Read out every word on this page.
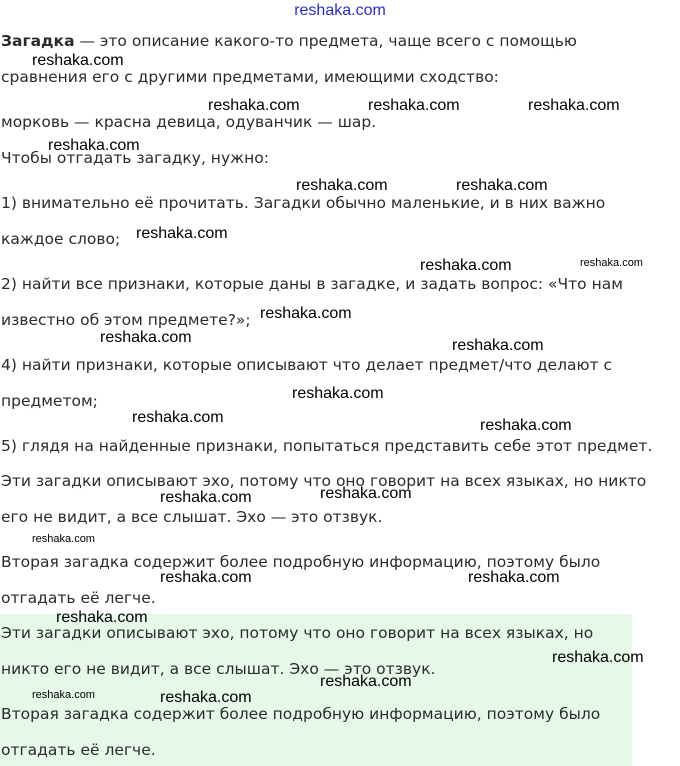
reshaka.com
Загадка — это описание какого-то предмета, чаще всего с помощью
сравнения его с другими предметами, имеющими сходство:
морковь — красна девица, одуванчик — шар.
Чтобы отгадать загадку, нужно:
1) внимательно её прочитать. Загадки обычно маленькие, и в них важно
каждое слово;
2) найти все признаки, которые даны в загадке, и задать вопрос: «Что нам
известно об этом предмете?»;
4) найти признаки, которые описывают что делает предмет/что делают с
предметом;
5) глядя на найденные признаки, попытаться представить себе этот предмет.
Эти загадки описывают эхо, потому что оно говорит на всех языках, но никто
его не видит, а все слышат. Эхо — это отзвук.
Вторая загадка содержит более подробную информацию, поэтому было
отгадать её легче.
Эти загадки описывают эхо, потому что оно говорит на всех языках, но
никто его не видит, а все слышат. Эхо — это отзвук.
Вторая загадка содержит более подробную информацию, поэтому было
отгадать её легче.
reshaka.com
reshaka.com	reshaka.com	reshaka.com
reshaka.com
reshaka.com	reshaka.com
reshaka.com
reshaka.com	reshaka.com
reshaka.com
reshaka.com	reshaka.com
reshaka.com
reshaka.com	reshaka.com
reshaka.com	reshaka.com
reshaka.com
reshaka.com	reshaka.com
reshaka.com
reshaka.com
reshaka.com
reshaka.com	reshaka.com
